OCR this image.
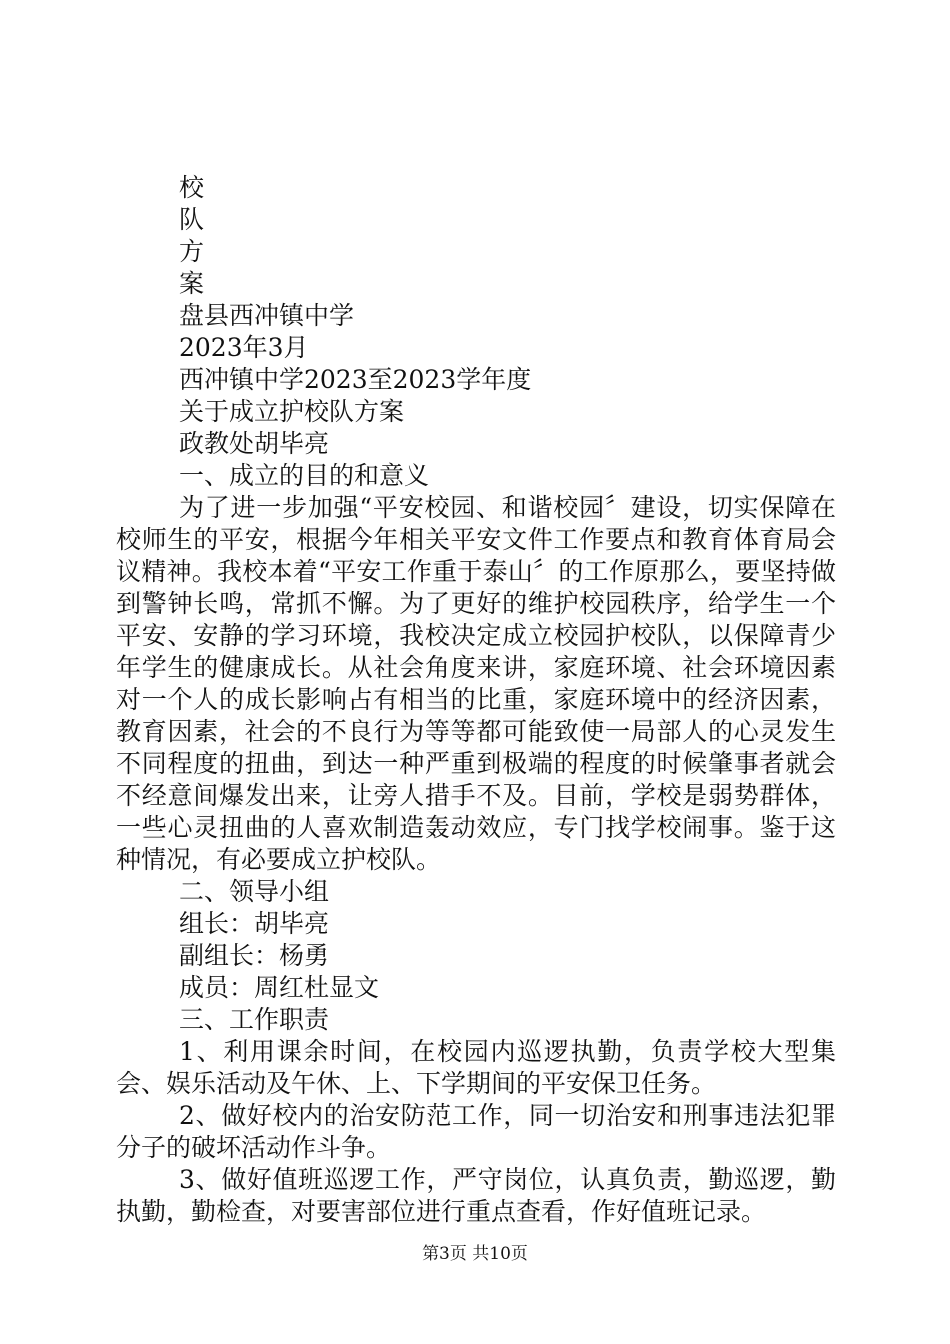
校
队
方
案
盘县西冲镇中学
2023年3月
西冲镇中学2023至2023学年度
关于成立护校队方案
政教处胡毕亮
一、成立的目的和意义

为了进一步加强“平安校园、和谐校园〞建设，切实保障在校师生的平安，根据今年相关平安文件工作要点和教育体育局会议精神。我校本着“平安工作重于泰山〞的工作原那么，要坚持做到警钟长鸣，常抓不懈。为了更好的维护校园秩序，给学生一个平安、安静的学习环境，我校决定成立校园护校队，以保障青少年学生的健康成长。从社会角度来讲，家庭环境、社会环境因素对一个人的成长影响占有相当的比重，家庭环境中的经济因素，教育因素，社会的不良行为等等都可能致使一局部人的心灵发生不同程度的扭曲，到达一种严重到极端的程度的时候肇事者就会不经意间爆发出来，让旁人措手不及。目前，学校是弱势群体，一些心灵扭曲的人喜欢制造轰动效应，专门找学校闹事。鉴于这种情况，有必要成立护校队。

二、领导小组
组长：胡毕亮
副组长：杨勇
成员：周红杜显文
三、工作职责

1、利用课余时间，在校园内巡逻执勤，负责学校大型集会、娱乐活动及午休、上、下学期间的平安保卫任务。

2、做好校内的治安防范工作，同一切治安和刑事违法犯罪分子的破坏活动作斗争。

3、做好值班巡逻工作，严守岗位，认真负责，勤巡逻，勤执勤，勤检查，对要害部位进行重点查看，作好值班记录。

第3页 共10页
